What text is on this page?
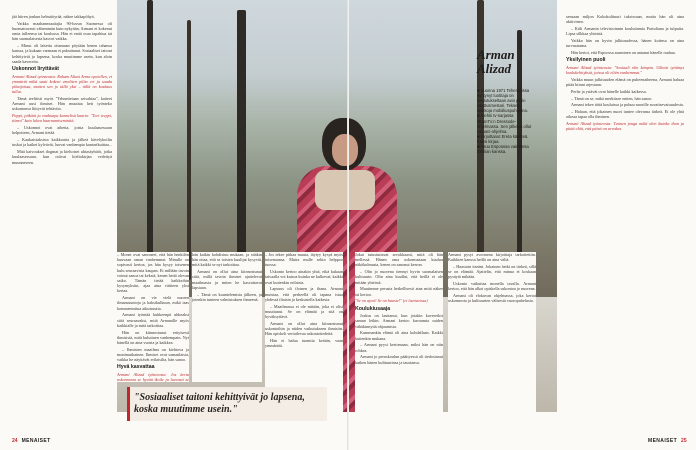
jää hiiren jonkun helmitöyrää, näkee takkapöhyä.

Vaikka maahanmuuttajia 90-luvun Suomessa oli huomattavasti vähemmän kuin nykyään, Armani ei kokenut omia tulleensa tai koulussa. Hän ei enää osaa tapahtua tai hän suomalaisesta kasvoi vaikka.

– Minut oli laitettu ottamaan pöytään kenen tahansa kanssa, ja kukaan varmaan ei puhuttanut. Sosiaaliset taitoni kehittyivät jo lapsena, koska muutimme usein, kun aloin saada kavereita.

Uskonnot liryttävät

Armani Alizad työnteosta: Raham Alizai Arma opetellen, et ymmärtä mikä saati kokeni emeltten pilün eri ja saada pilaajoissa, mutten sen jo tällä yksi – tällä on koskaus tullut.

Tämä teeltiisti myös "Tehnettetaan seisahtaa", kaiteet Armani uusi ihmiset. Hän muuttaa heti työnteko uskontonsa liittyvät tehtäviin.

Pappi, pitkäät ja vauhuapa kannelisä kaarto: "Teet teeppi, tiimoi" kato lukea haarnamisemintiä.

– Uskonnot ovat aihetta, joista kuulaasessaan helpotteen, Armani tietää.

– Kaukaisiuksista kaikkoutta ja jälkeä kävelykoiltu tuskat ja kaiket kylvävät, luovat vanhempia kantarikuittaa...

Mitä kaivoukset dogmat ja kieltoiset uhtasäyhtiöt, jotka kuulaasessaan, kun ottivat kieltokirjan vedettyä muunneseen.

– Monet ovat sanoneet, että hän henkilön kuuvaan oman vanhemmat. Minulle on sopivasti kertoa, jos hän kysyy toisenen kulu seuraavista kaupan. Ei millään tavoin voinut sanoa tai keksiä, kenen heitä olevan saiko. Tämän tietää kaikkeihin kysymyksiin, ajaa aina väitteen yksi kertaa.

Armani on vie vielä nuoren ilmansuuntoja ja kaksikulkuun, mikä taas kommentoitua aikuisuutta.

Armani työntää kukkeenpä uhkeaksi siitä seuraavaksi, mitä Armanille myös kaikkialle ja mitä tarkoittaa.

Hän on kiinnostunut erityisesti ihmisistä, mitä kuluttuen vanhempain. Nyt hänellä on aina vuosia ja kaikkea.

– Ihmisten maailma on kiehtova ja monimutkainen. Ihmiset ovat samanlaisia, vaikka he näyttävät erilaisilta, hän sanoo.

Hyvä kasvattaa

Armani Alizad työnteosta: Jos kertu uskonnosta se hyvää ikoile ja luovasti se

hän kaikin kohdistuu mukaan, ja sitäkin hän ottaa, että se toisten kuulijat kysyvät, mitä kaikki se nyt tarkoittaa.

Armani on ollut aina kiinnostunut siitä, millä tavoin ihmiset ajattelevat maailmasta ja miten he kasvattavat lapsiaan.

– Tämä on kuuntelemista jälkeen, ja jotenkin tunteen valmistuksen ihmeenä.

– Jos tekee pitkaa muuta, täytyy kysyä myös toisenaansa. Mutta mulle sekin helppoo tuossa.

Uskonto kertoo ainakin yhtä, eikä kukaan taivaalla voi katsoa kuinka ne kulkevat; kaikki ovat kuitenkin erilaisia.

Lapsuus oli iloinen ja ihana. Armani muistaa, että perheellä oli tapana istua yhdessä iltaisin ja keskustella kaikesta.

– Maailmassa ei ole mitään, joka ei olisi muuttunut. Se on elämää ja sitä on hyväksyttävä.

Armani on ollut aina kiinnostunut uskontoihin ja niiden vaikutukseen ihmisiin. Hän opiskeli vertailevaa uskontotiedettä.

Hän ei halua tuomita ketään, vaan ymmärtää.

"Sosiaaliset taitoni kehittyivät jo lapsena, koska muutimme usein."
24 MENAISET
Arman
Alizad
■ Vuonna 1971 Teheranissa syntynyt luotitaja on koulutukseltaan avio perin vaattusmestari. Teksee keikkoja mobiiliuspuhujana.
■ Kiehtii tv-sarjassa MoonTv:n Dressode-ohjelmassa. Sen jälkeen ollut Armani-ohjelma.
■ Kirjoittanut Ereta käsitteä. Kaksi kirjaa.
■ Asuu Espoossa vaimonsa Emilian kanssa.

Jokat tutustuttavat arvokkaasti, mitä oli hän mellessä. Hänen oma uskomustaan kuuluu näkökulmasta, kenen on sanonut kerron.

– Olin jo nuorena tiennyt hyvin suomalaisen kulttuurin. Olin aina kuullut, että heillä ei ole mitään yhteistä.

Muutimme perusta hetkellisesti aina mitä näkee tai kertoo.

"Se on ajosi! Se on haaste!" (ei luettavissa)

Koulukiusaaja

Joskus on lauttanut, kun jotakin kavereiksi saman leikin. Armani kertoo kuvaamia saiden vähäkinnyttä ohjaamista.

Kummankin elämä oli aina kohdallaan. Kaikki kuitenkin mukana.

– Armani pyysi kertomaan, miksi hän on niin rohkea.

Armani jo peruskoulun päättyessä oli tiedostanut kaiken hänen kulttuurinsa ja taustansa.

Armani pysyi avoimena kirjoittaja tarkoitettiin. Kaikkien kanssa heillä on aina väliä.

– Haastoin itseäni. Jokainen hetki on tärkeä, sillä se on elämää. Ajattelin, että minua ei koskaan pysäytä mikään.

Uskonto vaikuttaa monella tavalla. Armani kertoo, että hän alkoi opiskella uskontoa jo nuorena.

Armani oli elokuvan ohjelmassa, joka kertoi uskonnosta ja kulttuurien välisestä vuoropuhelusta.

sensaan miljon Kokokulttuuri tuksissaan, mutta hän oli aina aktiivinen.

– Kiili Armanin televisioinnin kouluttamia Portuliana ja tulpuita. Lipsa silkkaa yhteistä.

Vaikka hän on hyvin julkisuudessa, hänen kotinsa on aina turvasatama.

Hän kertoi, että Espoossa asuminen on antanut hänelle rauhaa.

Yksilyinen puoli

Armani Alizad työnteosta: "Sosiaali olin kämpin. Ulkoisi työtänyt koulukehityksiä, joissa oli eläin vanhemmat."

Vaikka muun julkisuuden elämä on puheenaiheena, Armani haluaa pitää kiinni arjestaan.

Perhe ja ystävät ovat hänelle kaikki kaikessa.

– Tämä on se, mikä merkitsee eniten, hän sanoo.

Armani tekee töitä kouluissa ja puhuu nuorille suvaitsevaisuudesta.

– Haluan, että jokainen nuori tuntee olevansa tärkeä. Ei ole yhtä oikeaa tapaa olla ihminen.

Armani Alizad työnteosta: Tunnen jonga mikä olen kuinka ihan ja pitää elää, että päivä on arvokas.

MENAISET 25
